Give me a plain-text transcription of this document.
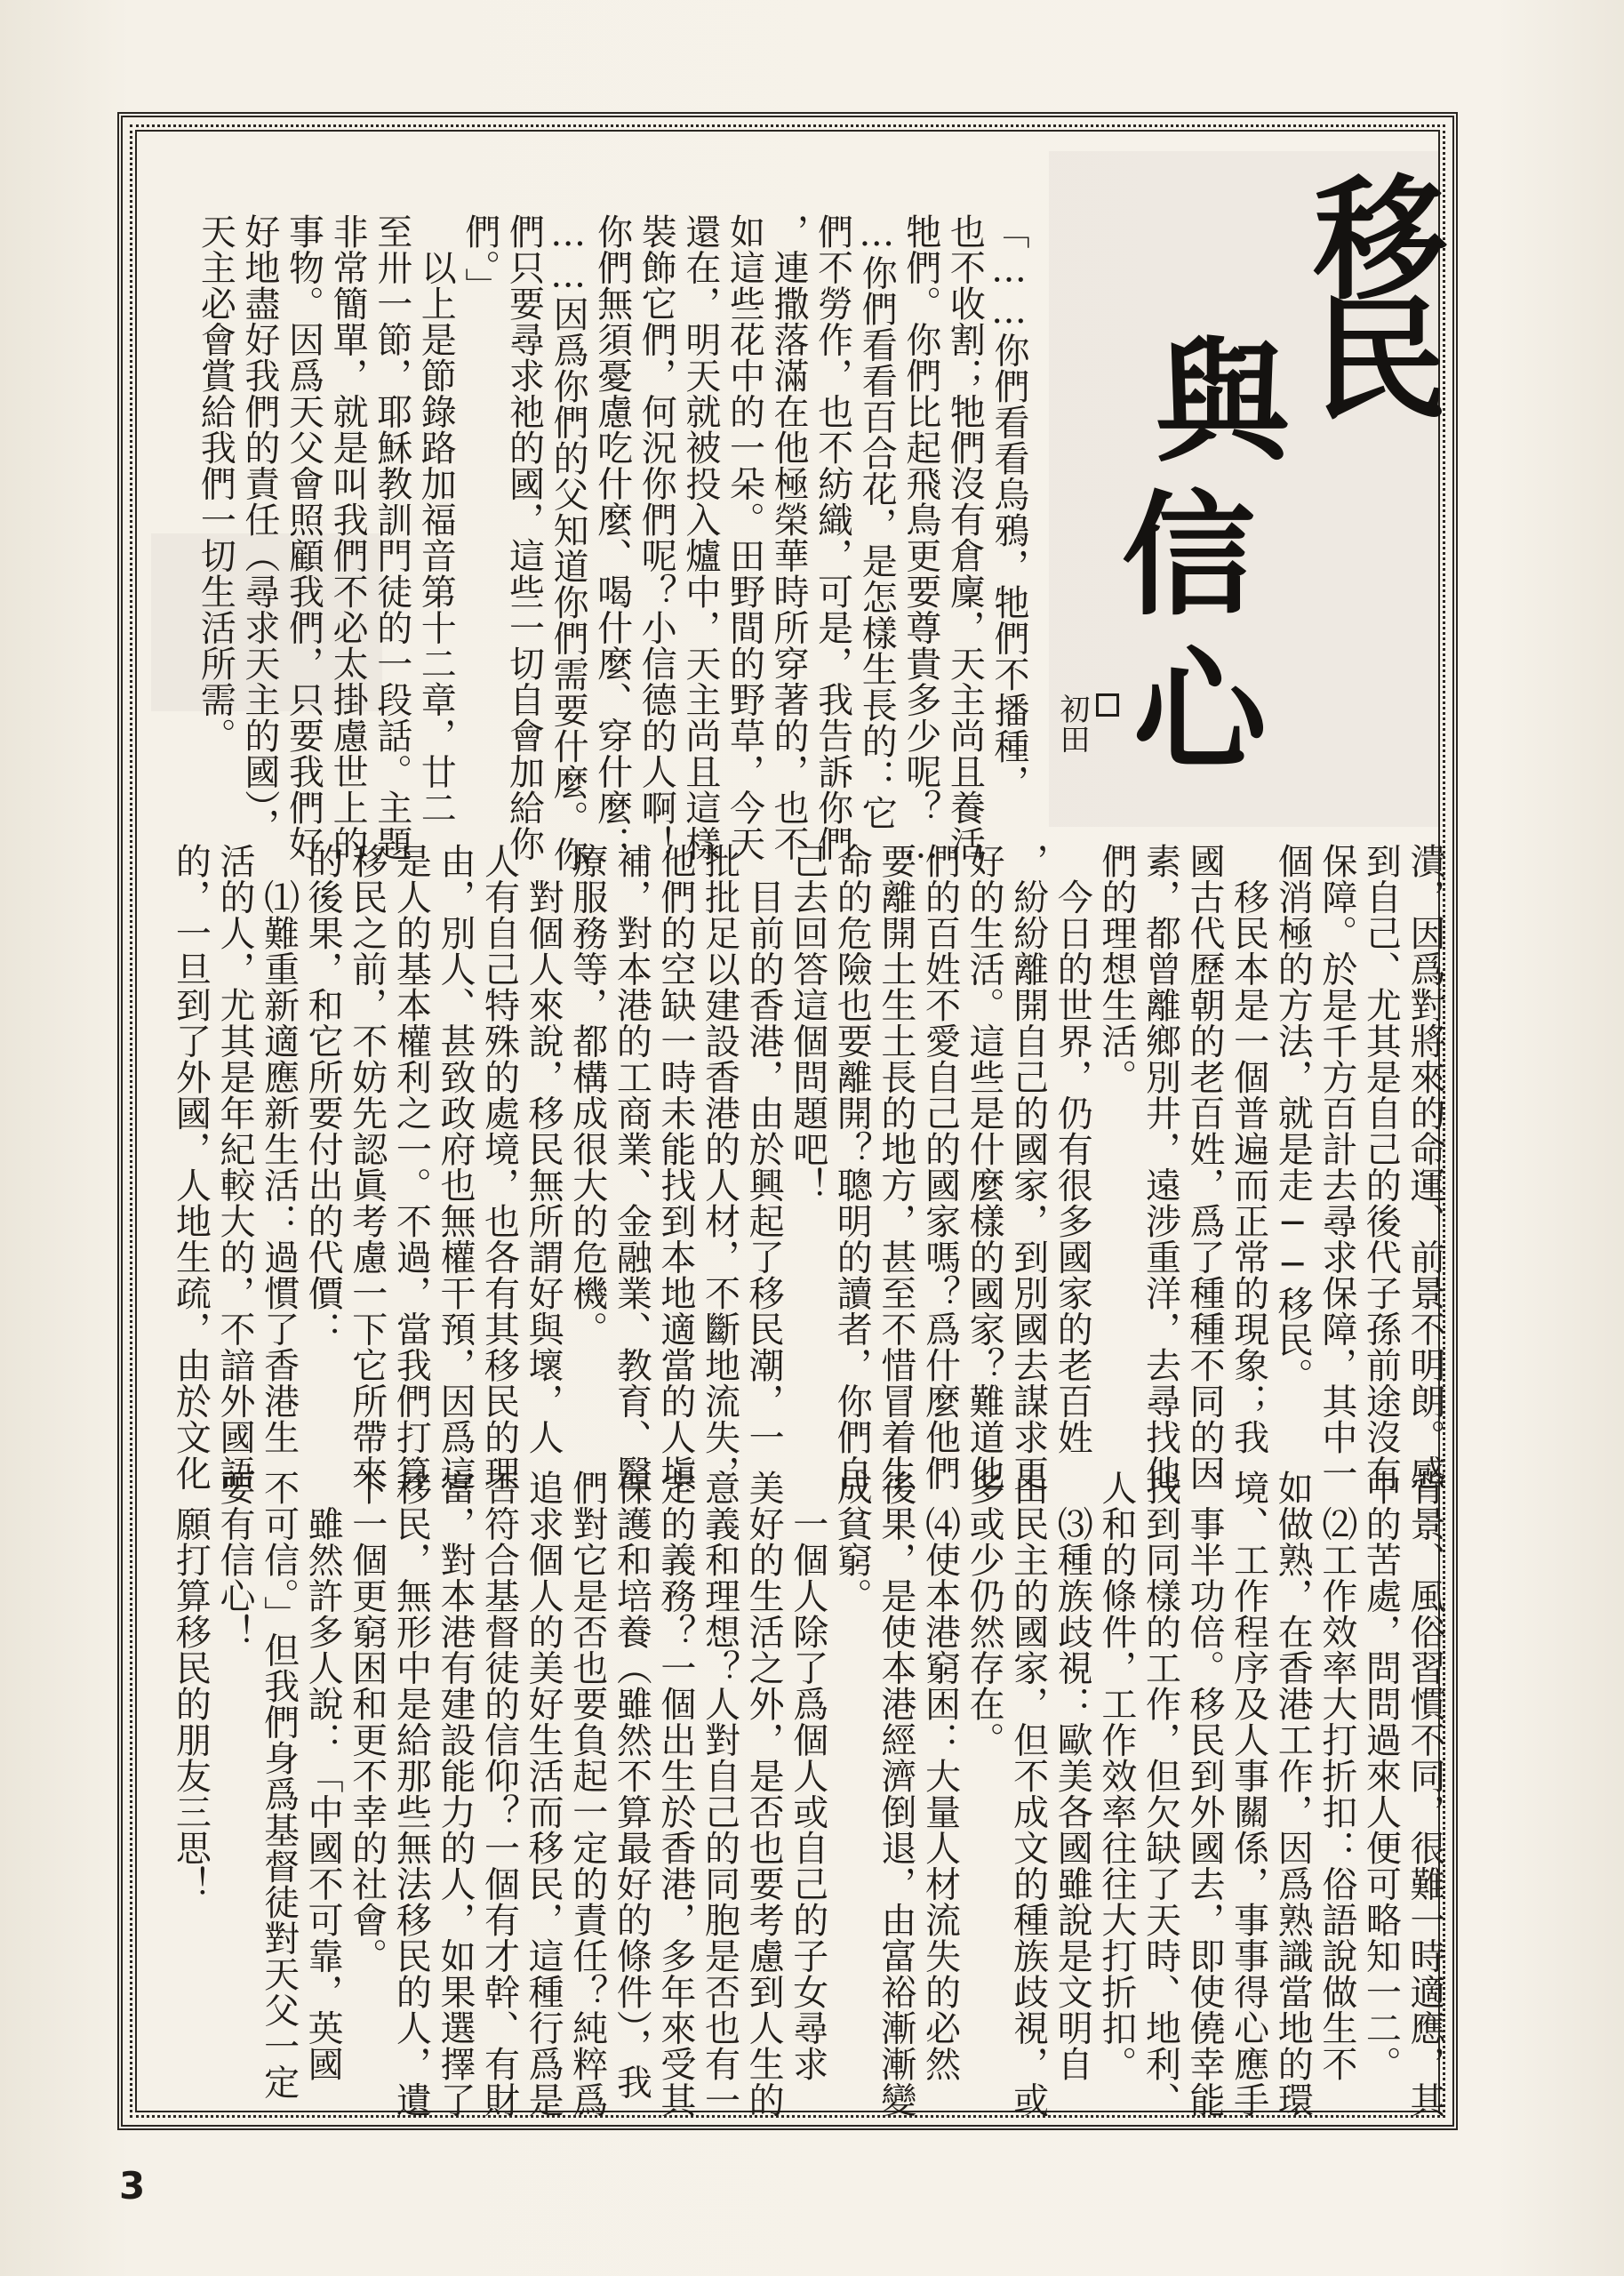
移
民
與
信
心

初田

「……你們看看烏鴉，牠們不播種，
也不收割；牠們沒有倉廩，天主尚且養活
牠們。你們比起飛鳥更要尊貴多少呢？…
…你們看看百合花，是怎樣生長的：它
們不勞作，也不紡織，可是，我告訴你們
，連撒落滿在他極榮華時所穿著的，也不
如這些花中的一朵。田野間的野草，今天
還在，明天就被投入爐中，天主尚且這樣
裝飾它們，何況你們呢？小信德的人啊！
你們無須憂慮吃什麼、喝什麼、穿什麼：
……因爲你們的父知道你們需要什麼。你
們只要尋求祂的國，這些一切自會加給你
們。」
　以上是節錄路加福音第十二章，廿二
至卅一節，耶穌教訓門徒的一段話。主題
非常簡單，就是叫我們不必太掛慮世上的
事物。因爲天父會照顧我們，只要我們好
好地盡好我們的責任（尋求天主的國），
天主必會賞給我們一切生活所需。
潰，因爲對將來的命運、前景不明朗。感
到自己、尤其是自己的後代子孫前途沒有
保障。於是千方百計去尋求保障，其中一
個消極的方法，就是走──移民。
　移民本是一個普遍而正常的現象；我
國古代歷朝的老百姓，爲了種種不同的因
素，都曾離鄉別井，遠涉重洋，去尋找他
們的理想生活。
　今日的世界，仍有很多國家的老百姓
，紛紛離開自己的國家，到別國去謀求更
好的生活。這些是什麼樣的國家？難道他
們的百姓不愛自己的國家嗎？爲什麼他們
要離開土生土長的地方，甚至不惜冒着生
命的危險也要離開？聰明的讀者，你們自
己去回答這個問題吧！
　目前的香港，由於興起了移民潮，一
批批足以建設香港的人材，不斷地流失，
他們的空缺一時未能找到本地適當的人塡
補，對本港的工商業、金融業、教育、醫
療服務等，都構成很大的危機。
　對個人來說，移民無所謂好與壞，人
人有自己特殊的處境，也各有其移民的理
由，別人、甚致政府也無權干預，因爲這
是人的基本權利之一。不過，當我們打算
移民之前，不妨先認眞考慮一下它所帶來
的後果，和它所要付出的代價：
　⑴難重新適應新生活：過慣了香港生
活的人，尤其是年紀較大的，不諳外國語
的，一旦到了外國，人地生疏，由於文化
背景、風俗習慣不同，很難一時適應，其
中的苦處，問問過來人便可略知一二。
　⑵工作效率大打折扣：俗語說做生不
如做熟，在香港工作，因爲熟識當地的環
境、工作程序及人事關係，事事得心應手
，事半功倍。移民到外國去，即使僥幸能
找到同樣的工作，但欠缺了天時、地利、
人和的條件，工作效率往往大打折扣。
　⑶種族歧視：歐美各國雖說是文明自
由民主的國家，但不成文的種族歧視，或
多或少仍然存在。
　⑷使本港窮困：大量人材流失的必然
後果，是使本港經濟倒退，由富裕漸漸變
成貧窮。
　一個人除了爲個人或自己的子女尋求
美好的生活之外，是否也要考慮到人生的
意義和理想？人對自己的同胞是否也有一
定的義務？一個出生於香港，多年來受其
保護和培養（雖然不算最好的條件），我
們對它是否也要負起一定的責任？純粹爲
追求個人的美好生活而移民，這種行爲是
否符合基督徒的信仰？一個有才幹、有財
富，對本港有建設能力的人，如果選擇了
移民，無形中是給那些無法移民的人，遺
下一個更窮困和更不幸的社會。
　雖然許多人說：「中國不可靠，英國
不可信。」但我們身爲基督徒對天父一定
要有信心！
　願打算移民的朋友三思！
3
